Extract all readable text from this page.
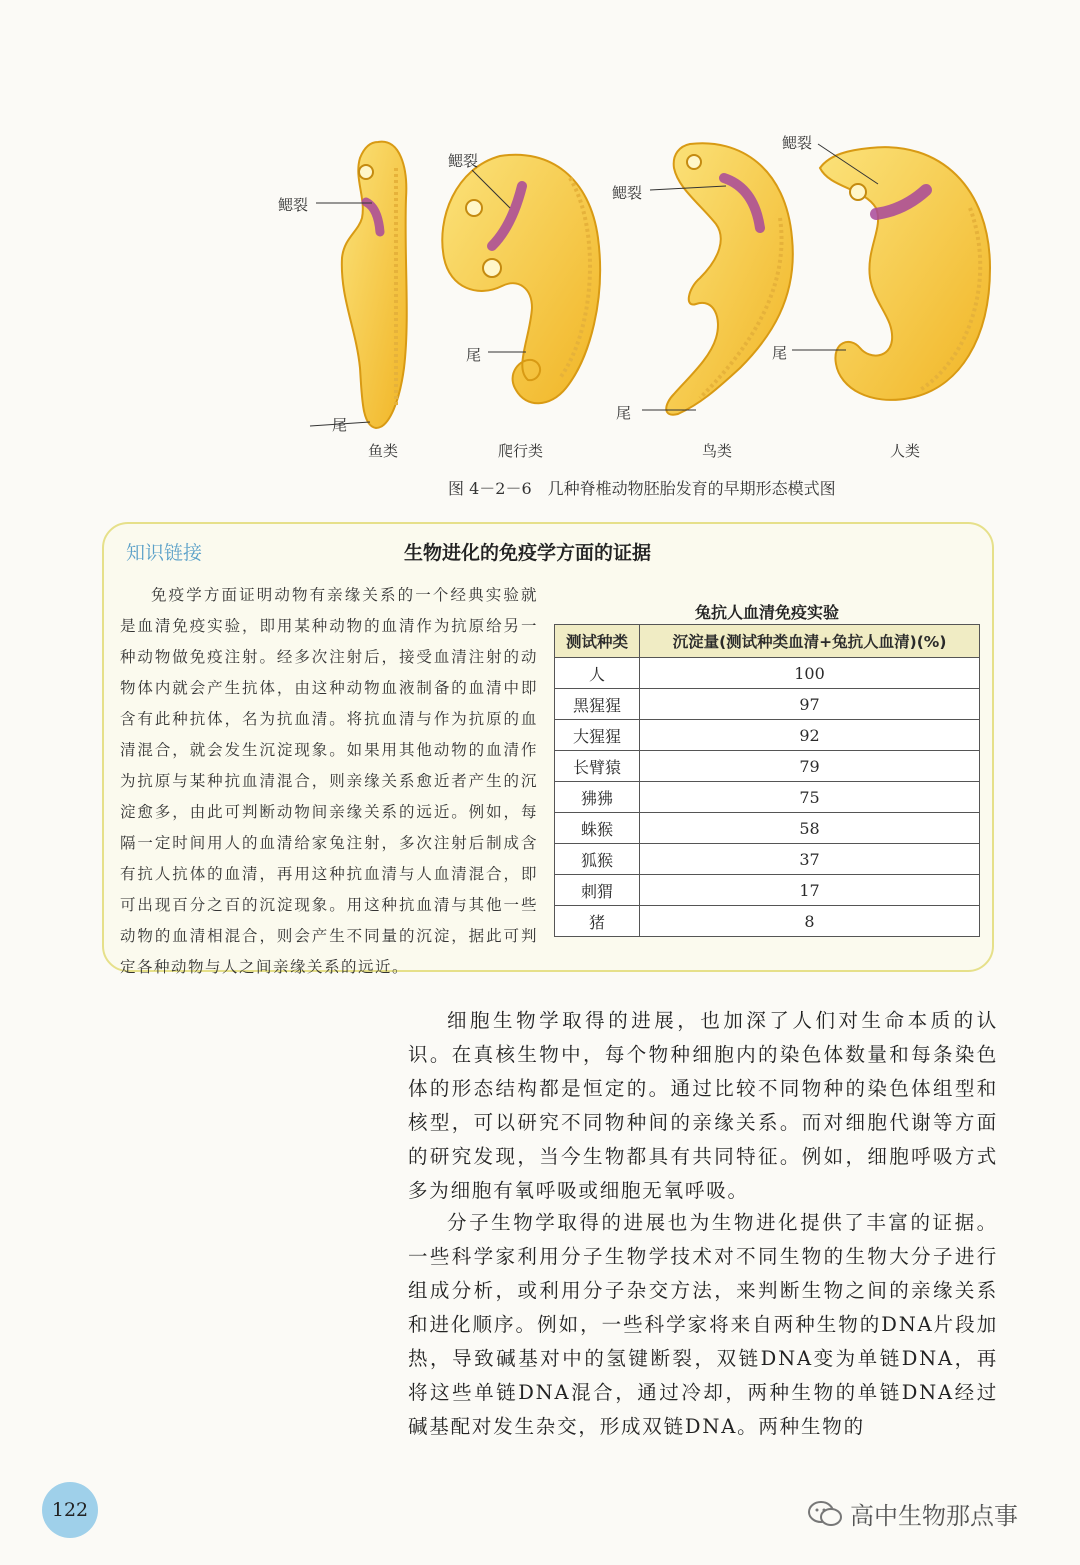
鳃裂
鳃裂
鳃裂
鳃裂
尾
尾
尾
尾
鱼类	爬行类	鸟类	人类
图 4－2－6　几种脊椎动物胚胎发育的早期形态模式图
知识链接	生物进化的免疫学方面的证据

免疫学方面证明动物有亲缘关系的一个经典实验就是血清免疫实验，即用某种动物的血清作为抗原给另一种动物做免疫注射。经多次注射后，接受血清注射的动物体内就会产生抗体，由这种动物血液制备的血清中即含有此种抗体，名为抗血清。将抗血清与作为抗原的血清混合，就会发生沉淀现象。如果用其他动物的血清作为抗原与某种抗血清混合，则亲缘关系愈近者产生的沉淀愈多，由此可判断动物间亲缘关系的远近。例如，每隔一定时间用人的血清给家兔注射，多次注射后制成含有抗人抗体的血清，再用这种抗血清与人血清混合，即可出现百分之百的沉淀现象。用这种抗血清与其他一些动物的血清相混合，则会产生不同量的沉淀，据此可判定各种动物与人之间亲缘关系的远近。

兔抗人血清免疫实验
测试种类	沉淀量(测试种类血清+兔抗人血清)(%)
人	100
黑猩猩	97
大猩猩	92
长臂猿	79
狒狒	75
蛛猴	58
狐猴	37
刺猬	17
猪	8

细胞生物学取得的进展，也加深了人们对生命本质的认识。在真核生物中，每个物种细胞内的染色体数量和每条染色体的形态结构都是恒定的。通过比较不同物种的染色体组型和核型，可以研究不同物种间的亲缘关系。而对细胞代谢等方面的研究发现，当今生物都具有共同特征。例如，细胞呼吸方式多为细胞有氧呼吸或细胞无氧呼吸。

分子生物学取得的进展也为生物进化提供了丰富的证据。一些科学家利用分子生物学技术对不同生物的生物大分子进行组成分析，或利用分子杂交方法，来判断生物之间的亲缘关系和进化顺序。例如，一些科学家将来自两种生物的DNA片段加热，导致碱基对中的氢键断裂，双链DNA变为单链DNA，再将这些单链DNA混合，通过冷却，两种生物的单链DNA经过碱基配对发生杂交，形成双链DNA。两种生物的

122	高中生物那点事
